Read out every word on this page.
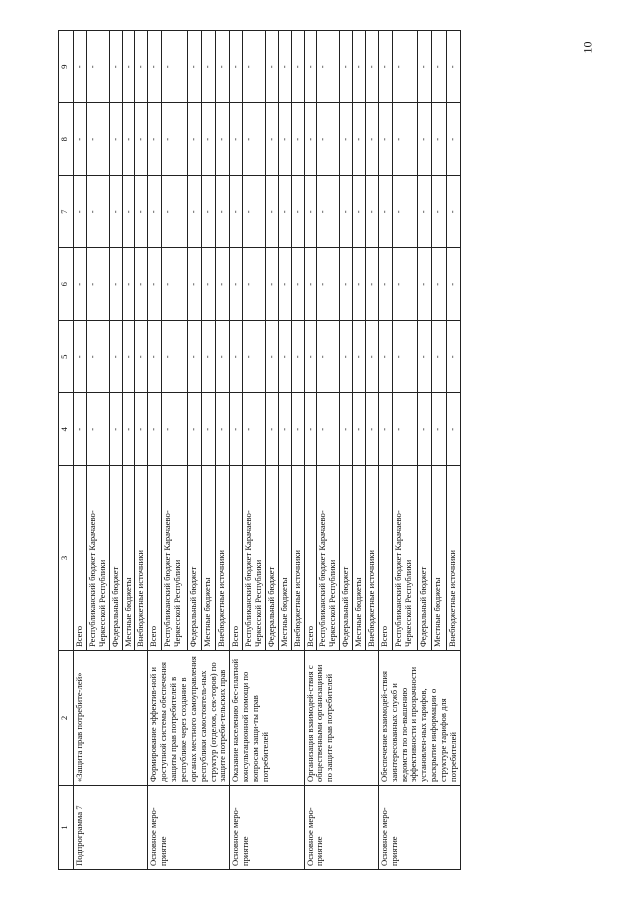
10
1	2	3	4	5	6	7	8	9
Подпрограмма 7	«Защита прав потребите-лей»	Всего	-	-	-	-	-	-
		Республиканский бюджет Карачаево-Черкесской Республики	-	-	-	-	-	-
		Федеральный бюджет	-	-	-	-	-	-
		Местные бюджеты	-	-	-	-	-	-
		Внебюджетные источники	-	-	-	-	-	-
Основное меро-приятие	Формирование эффектив-ной и доступной системы обеспечения защиты прав потребителей в республике через создание в органах местного самоуправления республики самостоятель-ных структур (отделов, сек-торов) по защите потреби-тельских прав	Всего	-	-	-	-	-	-
		Республиканский бюджет Карачаево-Черкесской Республики	-	-	-	-	-	-
		Федеральный бюджет	-	-	-	-	-	-
		Местные бюджеты	-	-	-	-	-	-
		Внебюджетные источники	-	-	-	-	-	-
Основное меро-приятие	Оказание населению бес-платной консультационной помощи по вопросам защи-ты прав потребителей	Всего	-	-	-	-	-	-
		Республиканский бюджет Карачаево-Черкесской Республики	-	-	-	-	-	-
		Федеральный бюджет	-	-	-	-	-	-
		Местные бюджеты	-	-	-	-	-	-
		Внебюджетные источники	-	-	-	-	-	-
Основное меро-приятие	Организация взаимодей-ствия с общественными организациями по защите прав потребителей	Всего	-	-	-	-	-	-
		Республиканский бюджет Карачаево-Черкесской Республики	-	-	-	-	-	-
		Федеральный бюджет	-	-	-	-	-	-
		Местные бюджеты	-	-	-	-	-	-
		Внебюджетные источники	-	-	-	-	-	-
Основное меро-приятие	Обеспечение взаимодей-ствия заинтересованных служб и ведомств по по-вышению эффективности и прозрачности установлен-ных тарифов, раскрытие информации о структуре тарифов для потребителей	Всего	-	-	-	-	-	-
		Республиканский бюджет Карачаево-Черкесской Республики	-	-	-	-	-	-
		Федеральный бюджет	-	-	-	-	-	-
		Местные бюджеты	-	-	-	-	-	-
		Внебюджетные источники	-	-	-	-	-	-
